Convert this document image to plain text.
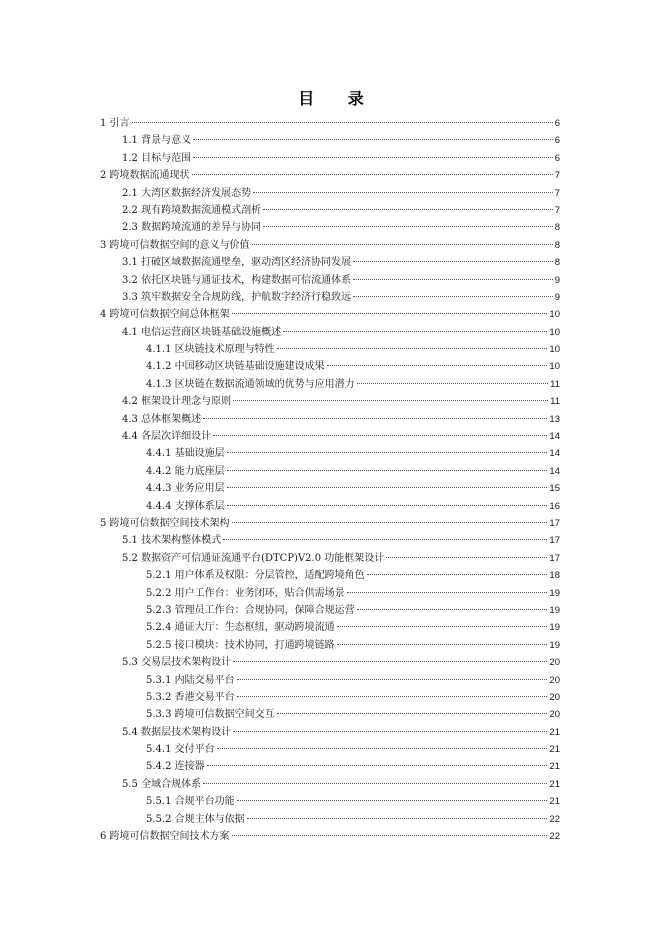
目 录
1 引言	6
1.1 背景与意义	6
1.2 目标与范围	6
2 跨境数据流通现状	7
2.1 大湾区数据经济发展态势	7
2.2 现有跨境数据流通模式剖析	7
2.3 数据跨境流通的差异与协同	8
3 跨境可信数据空间的意义与价值	8
3.1 打破区域数据流通壁垒，驱动湾区经济协同发展	8
3.2 依托区块链与通证技术，构建数据可信流通体系	9
3.3 筑牢数据安全合规防线，护航数字经济行稳致远	9
4 跨境可信数据空间总体框架	10
4.1 电信运营商区块链基础设施概述	10
4.1.1 区块链技术原理与特性	10
4.1.2 中国移动区块链基础设施建设成果	10
4.1.3 区块链在数据流通领域的优势与应用潜力	11
4.2 框架设计理念与原则	11
4.3 总体框架概述	13
4.4 各层次详细设计	14
4.4.1 基础设施层	14
4.4.2 能力底座层	14
4.4.3 业务应用层	15
4.4.4 支撑体系层	16
5 跨境可信数据空间技术架构	17
5.1 技术架构整体模式	17
5.2 数据资产可信通证流通平台(DTCP)V2.0 功能框架设计	17
5.2.1 用户体系及权限：分层管控，适配跨境角色	18
5.2.2 用户工作台：业务闭环，贴合供需场景	19
5.2.3 管理员工作台：合规协同，保障合规运营	19
5.2.4 通证大厅：生态枢纽，驱动跨境流通	19
5.2.5 接口模块：技术协同，打通跨境链路	19
5.3 交易层技术架构设计	20
5.3.1 内陆交易平台	20
5.3.2 香港交易平台	20
5.3.3 跨境可信数据空间交互	20
5.4 数据层技术架构设计	21
5.4.1 交付平台	21
5.4.2 连接器	21
5.5 全域合规体系	21
5.5.1 合规平台功能	21
5.5.2 合规主体与依据	22
6 跨境可信数据空间技术方案	22
